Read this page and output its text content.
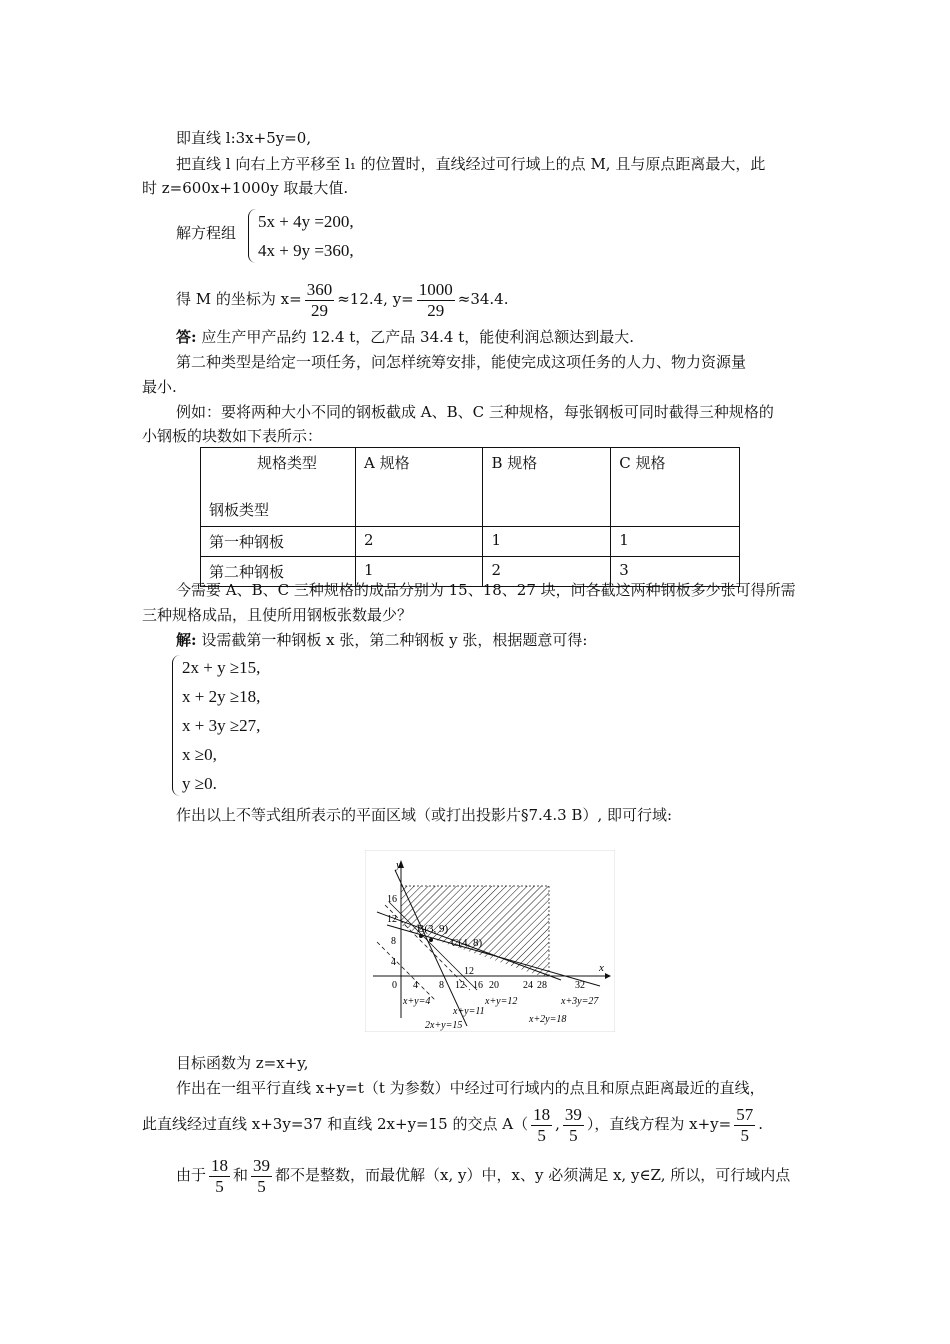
即直线 l:3x+5y=0,
把直线 l 向右上方平移至 l₁ 的位置时，直线经过可行域上的点 M, 且与原点距离最大，此
时 z=600x+1000y 取最大值.
解方程组
5x + 4y =200,
4x + 9y =360,
得 M 的坐标为 $x= \frac{360}{29} \approx 12.4$, $y= \frac{1000}{29} \approx 34.4$.
答: 应生产甲产品约 12.4 t，乙产品 34.4 t，能使利润总额达到最大.
第二种类型是给定一项任务，问怎样统筹安排，能使完成这项任务的人力、物力资源量
最小.
例如：要将两种大小不同的钢板截成 A、B、C 三种规格，每张钢板可同时截得三种规格的
小钢板的块数如下表所示：
规格类型
钢板类型	A 规格	B 规格	C 规格
第一种钢板	2	1	1
第二种钢板	1	2	3
今需要 A、B、C 三种规格的成品分别为 15、18、27 块，问各截这两种钢板多少张可得所需
三种规格成品，且使所用钢板张数最少？
解: 设需截第一种钢板 x 张，第二种钢板 y 张，根据题意可得:
2x + y ≥15,
x + 2y ≥18,
x + 3y ≥27,
x ≥0,
y ≥0.
作出以上不等式组所表示的平面区域（或打出投影片§7.4.3 B）, 即可行域:
B(3, 9)
C(4, 8)
12
y
x
0 4 8 12 16 20 24 28	32
4
8
12
16
x+y=4
x+y=11
x+y=12	x+3y=27
x+2y=18
2x+y=15
目标函数为 z=x+y,
作出在一组平行直线 x+y=t（t 为参数）中经过可行域内的点且和原点距离最近的直线，
此直线经过直线 x+3y=37 和直线 2x+y=15 的交点 $A( \frac{18}{5}$ , $\frac{39}{5}$ ），直线方程为 $x+y= \frac{57}{5}$ .
由于 $\frac{18}{5}$ 和 $\frac{39}{5}$ 都不是整数，而最优解（x, y）中，x、y 必须满足 x, y∈Z, 所以，可行域内点
